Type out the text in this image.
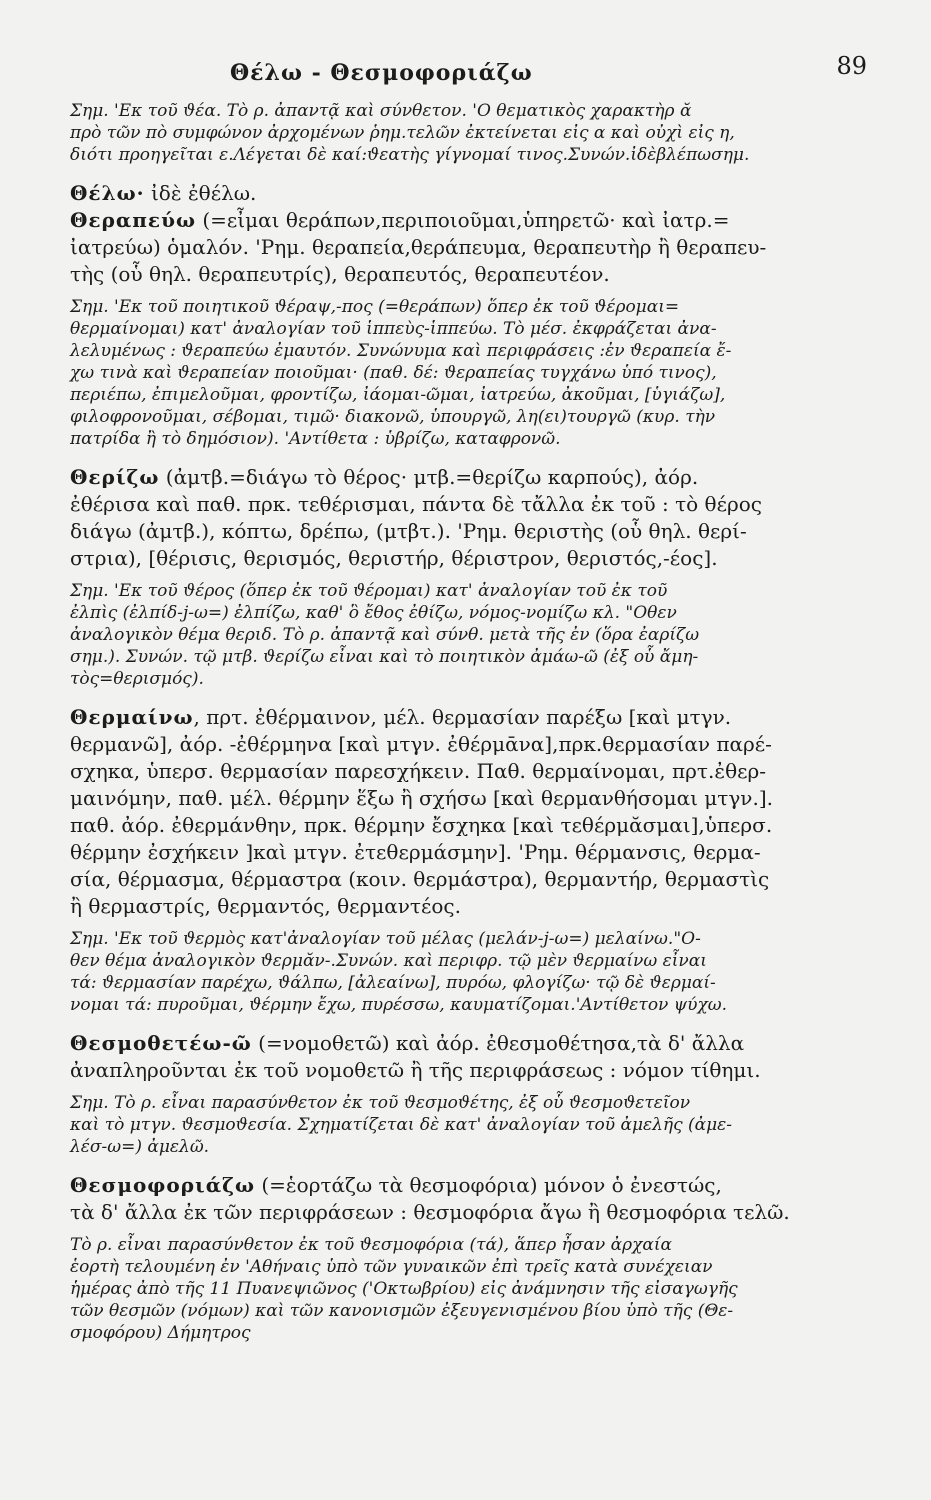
Θέλω - Θεσμοφοριάζω	89

Σημ. 'Εκ τοῦ ϑέα. Τὸ ρ. ἀπαντᾷ καὶ σύνθετον. 'Ο θεματικὸς χαρακτὴρ ᾰ

πρὸ τῶν πὸ συμφώνον ἀρχομένων ῥημ.τελῶν ἐκτείνεται εἰς α καὶ οὐχὶ εἰς η,

διότι προηγεῖται ε.Λέγεται δὲ καί:ϑεατὴς γίγνομαί τινος.Συνών.ἰδὲβλέπωσημ.

Θέλω· ἰδὲ ἐθέλω.

Θεραπεύω (=εἶμαι θεράπων,περιποιοῦμαι,ὑπηρετῶ· καὶ ἰατρ.=

ἰατρεύω) ὁμαλόν. 'Ρημ. θεραπεία,θεράπευμα, θεραπευτὴρ ἢ θεραπευ-

τὴς (οὗ θηλ. θεραπευτρίς), θεραπευτός, θεραπευτέον.

Σημ. 'Εκ τοῦ ποιητικοῦ ϑέραψ,-πος (=θεράπων) ὅπερ ἐκ τοῦ ϑέρομαι=

θερμαίνομαι) κατ' ἀναλογίαν τοῦ ἱππεὺς-ἱππεύω. Τὸ μέσ. ἐκφράζεται ἀνα-

λελυμένως : ϑεραπεύω ἐμαυτόν. Συνώνυμα καὶ περιφράσεις :ἐν ϑεραπεία ἔ-

χω τινὰ καὶ ϑεραπείαν ποιοῦμαι· (παθ. δέ: ϑεραπείας τυγχάνω ὑπό τινος),

περιέπω, ἐπιμελοῦμαι, φροντίζω, ἰάομαι-ῶμαι, ἰατρεύω, ἀκοῦμαι, [ὑγιάζω],

φιλοφρονοῦμαι, σέβομαι, τιμῶ· διακονῶ, ὑπουργῶ, λη(ει)τουργῶ (κυρ. τὴν

πατρίδα ἢ τὸ δημόσιον). 'Αντίθετα : ὑβρίζω, καταφρονῶ.

Θερίζω (ἀμτβ.=διάγω τὸ θέρος· μτβ.=θερίζω καρπούς), ἀόρ.

ἐθέρισα καὶ παθ. πρκ. τεθέρισμαι, πάντα δὲ τἄλλα ἐκ τοῦ : τὸ θέρος

διάγω (ἀμτβ.), κόπτω, δρέπω, (μτβτ.). 'Ρημ. θεριστὴς (οὗ θηλ. θερί-

στρια), [θέρισις, θερισμός, θεριστήρ, θέριστρον, θεριστός,-έος].

Σημ. 'Εκ τοῦ ϑέρος (ὅπερ ἐκ τοῦ ϑέρομαι) κατ' ἀναλογίαν τοῦ ἐκ τοῦ

ἐλπὶς (ἐλπίδ-j-ω=) ἐλπίζω, καθ' ὃ ἔθος ἐθίζω, νόμος-νομίζω κλ. "Οθεν

ἀναλογικὸν θέμα θεριδ. Τὸ ρ. ἀπαντᾷ καὶ σύνθ. μετὰ τῆς ἐν (ὅρα ἐαρίζω

σημ.). Συνών. τῷ μτβ. ϑερίζω εἶναι καὶ τὸ ποιητικὸν ἀμάω-ῶ (ἐξ οὗ ἄμη-

τὸς=θερισμός).

Θερμαίνω, πρτ. ἐθέρμαινον, μέλ. θερμασίαν παρέξω [καὶ μτγν.

θερμανῶ], ἀόρ. -ἐθέρμηνα [καὶ μτγν. ἐθέρμᾱνα],πρκ.θερμασίαν παρέ-

σχηκα, ὑπερσ. θερμασίαν παρεσχήκειν. Παθ. θερμαίνομαι, πρτ.ἐθερ-

μαινόμην, παθ. μέλ. θέρμην ἕξω ἢ σχήσω [καὶ θερμανθήσομαι μτγν.].

παθ. ἀόρ. ἐθερμάνθην, πρκ. θέρμην ἔσχηκα [καὶ τεθέρμᾰσμαι],ὑπερσ.

θέρμην ἐσχήκειν ]καὶ μτγν. ἐτεθερμάσμην]. 'Ρημ. θέρμανσις, θερμα-

σία, θέρμασμα, θέρμαστρα (κοιν. θερμάστρα), θερμαντήρ, θερμαστὶς

ἢ θερμαστρίς, θερμαντός, θερμαντέος.

Σημ. 'Εκ τοῦ ϑερμὸς κατ'ἀναλογίαν τοῦ μέλας (μελάν-j-ω=) μελαίνω."Ο-

θεν θέμα ἀναλογικὸν ϑερμᾰν-.Συνών. καὶ περιφρ. τῷ μὲν ϑερμαίνω εἶναι

τά: ϑερμασίαν παρέχω, ϑάλπω, [ἀλεαίνω], πυρόω, φλογίζω· τῷ δὲ ϑερμαί-

νομαι τά: πυροῦμαι, ϑέρμην ἔχω, πυρέσσω, καυματίζομαι.'Αντίθετον ψύχω.

Θεσμοθετέω-ῶ (=νομοθετῶ) καὶ ἀόρ. ἐθεσμοθέτησα,τὰ δ' ἄλλα

ἀναπληροῦνται ἐκ τοῦ νομοθετῶ ἢ τῆς περιφράσεως : νόμον τίθημι.

Σημ. Τὸ ρ. εἶναι παρασύνθετον ἐκ τοῦ ϑεσμοϑέτης, ἐξ οὗ ϑεσμοϑετεῖον

καὶ τὸ μτγν. ϑεσμοϑεσία. Σχηματίζεται δὲ κατ' ἀναλογίαν τοῦ ἀμελῆς (ἀμε-

λέσ-ω=) ἀμελῶ.

Θεσμοφοριάζω (=ἑορτάζω τὰ θεσμοφόρια) μόνον ὁ ἐνεστώς,

τὰ δ' ἄλλα ἐκ τῶν περιφράσεων : θεσμοφόρια ἄγω ἢ θεσμοφόρια τελῶ.

Τὸ ρ. εἶναι παρασύνθετον ἐκ τοῦ ϑεσμοφόρια (τά), ἅπερ ἦσαν ἀρχαία

ἑορτὴ τελουμένη ἐν 'Αθήναις ὑπὸ τῶν γυναικῶν ἐπὶ τρεῖς κατὰ συνέχειαν

ἡμέρας ἀπὸ τῆς 11 Πυανεψιῶνος ('Οκτωβρίου) εἰς ἀνάμνησιν τῆς εἰσαγωγῆς

τῶν θεσμῶν (νόμων) καὶ τῶν κανονισμῶν ἐξευγενισμένου βίου ὑπὸ τῆς (Θε-

σμοφόρου) Δήμητρος
